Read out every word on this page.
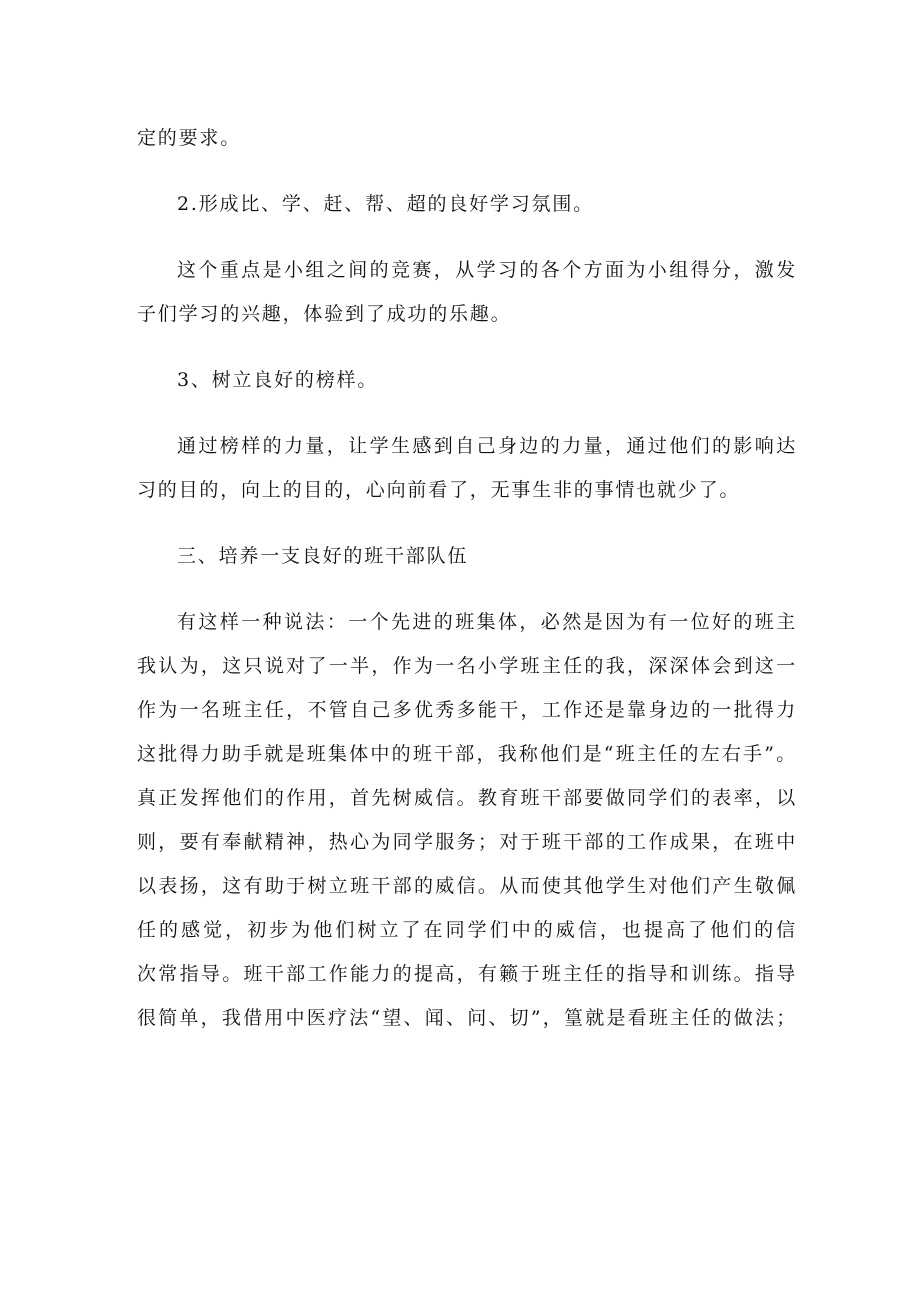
定的要求。
2.形成比、学、赶、帮、超的良好学习氛围。
这个重点是小组之间的竞赛，从学习的各个方面为小组得分，激发
子们学习的兴趣，体验到了成功的乐趣。
3、树立良好的榜样。
通过榜样的力量，让学生感到自己身边的力量，通过他们的影响达
习的目的，向上的目的，心向前看了，无事生非的事情也就少了。
三、培养一支良好的班干部队伍
有这样一种说法：一个先进的班集体，必然是因为有一位好的班主
我认为，这只说对了一半，作为一名小学班主任的我，深深体会到这一
作为一名班主任，不管自己多优秀多能干，工作还是靠身边的一批得力
这批得力助手就是班集体中的班干部，我称他们是“班主任的左右手”。
真正发挥他们的作用，首先树威信。教育班干部要做同学们的表率，以
则，要有奉献精神，热心为同学服务；对于班干部的工作成果，在班中
以表扬，这有助于树立班干部的威信。从而使其他学生对他们产生敬佩
任的感觉，初步为他们树立了在同学们中的威信，也提高了他们的信
次常指导。班干部工作能力的提高，有籁于班主任的指导和训练。指导
很简单，我借用中医疗法“望、闻、问、切”，篁就是看班主任的做法；
